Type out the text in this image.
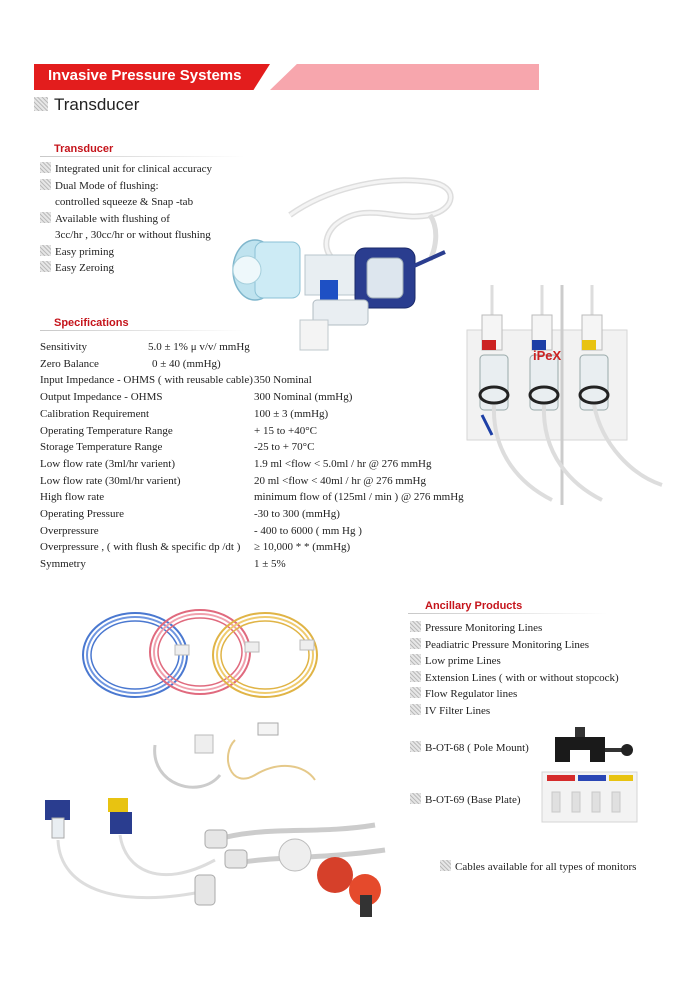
Invasive Pressure Systems
Transducer
Transducer
Integrated unit for clinical accuracy
Dual Mode of flushing:
controlled squeeze & Snap -tab
Available with flushing of
3cc/hr , 30cc/hr or without flushing
Easy priming
Easy Zeroing
Specifications
Sensitivity	5.0 ± 1% μ v/v/ mmHg
Zero Balance	0 ± 40 (mmHg)
Input Impedance - OHMS ( with reusable cable) 350 Nominal
Output Impedance - OHMS	300 Nominal (mmHg)
Calibration Requirement	100 ± 3 (mmHg)
Operating Temperature Range	+ 15 to +40°C
Storage Temperature Range	-25 to + 70°C
Low flow rate (3ml/hr varient)	1.9 ml <flow < 5.0ml / hr @ 276 mmHg
Low flow rate (30ml/hr varient)	20 ml <flow < 40ml / hr @ 276 mmHg
High flow rate	minimum flow of (125ml / min ) @ 276 mmHg
Operating Pressure	-30 to 300 (mmHg)
Overpressure	- 400 to 6000 ( mm Hg )
Overpressure , ( with flush & specific dp /dt ) ≥ 10,000 * * (mmHg)
Symmetry	1 ± 5%
iPeX
Ancillary Products
Pressure Monitoring Lines
Peadiatric Pressure Monitoring Lines
Low prime Lines
Extension Lines ( with or without stopcock)
Flow Regulator lines
IV Filter Lines
B-OT-68 ( Pole Mount)
B-OT-69 (Base Plate)
Cables available for all types of monitors
